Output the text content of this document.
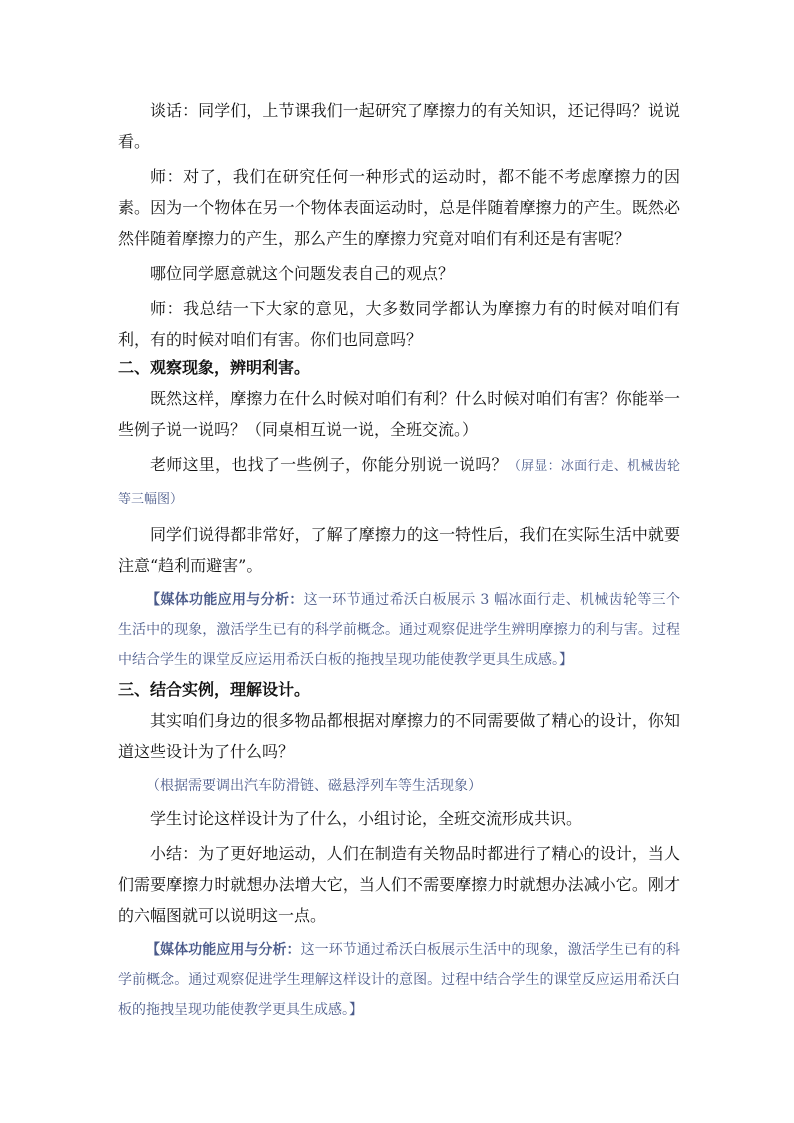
谈话：同学们，上节课我们一起研究了摩擦力的有关知识，还记得吗？说说看。

师：对了，我们在研究任何一种形式的运动时，都不能不考虑摩擦力的因素。因为一个物体在另一个物体表面运动时，总是伴随着摩擦力的产生。既然必然伴随着摩擦力的产生，那么产生的摩擦力究竟对咱们有利还是有害呢？

哪位同学愿意就这个问题发表自己的观点？

师：我总结一下大家的意见，大多数同学都认为摩擦力有的时候对咱们有利，有的时候对咱们有害。你们也同意吗？

二、观察现象，辨明利害。

既然这样，摩擦力在什么时候对咱们有利？什么时候对咱们有害？你能举一些例子说一说吗？（同桌相互说一说，全班交流。）

老师这里，也找了一些例子，你能分别说一说吗？（屏显：冰面行走、机械齿轮等三幅图）

同学们说得都非常好，了解了摩擦力的这一特性后，我们在实际生活中就要注意“趋利而避害”。

【媒体功能应用与分析：这一环节通过希沃白板展示 3 幅冰面行走、机械齿轮等三个生活中的现象，激活学生已有的科学前概念。通过观察促进学生辨明摩擦力的利与害。过程中结合学生的课堂反应运用希沃白板的拖拽呈现功能使教学更具生成感。】

三、结合实例，理解设计。

其实咱们身边的很多物品都根据对摩擦力的不同需要做了精心的设计，你知道这些设计为了什么吗？

（根据需要调出汽车防滑链、磁悬浮列车等生活现象）

学生讨论这样设计为了什么，小组讨论，全班交流形成共识。

小结：为了更好地运动，人们在制造有关物品时都进行了精心的设计，当人们需要摩擦力时就想办法增大它，当人们不需要摩擦力时就想办法减小它。刚才的六幅图就可以说明这一点。

【媒体功能应用与分析：这一环节通过希沃白板展示生活中的现象，激活学生已有的科学前概念。通过观察促进学生理解这样设计的意图。过程中结合学生的课堂反应运用希沃白板的拖拽呈现功能使教学更具生成感。】
